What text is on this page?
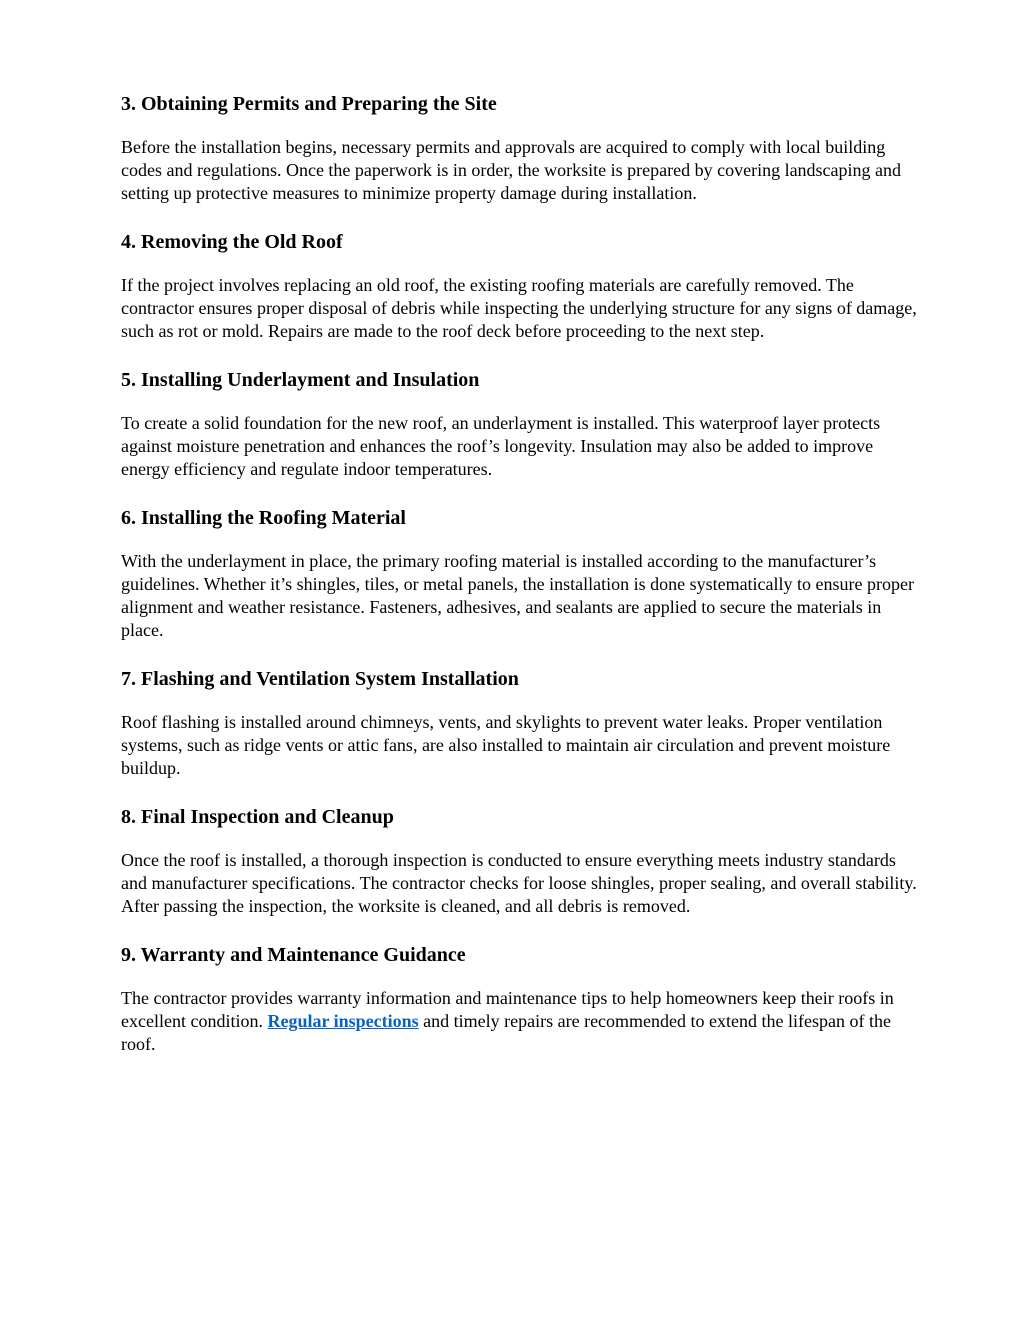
3. Obtaining Permits and Preparing the Site

Before the installation begins, necessary permits and approvals are acquired to comply with local building codes and regulations. Once the paperwork is in order, the worksite is prepared by covering landscaping and setting up protective measures to minimize property damage during installation.

4. Removing the Old Roof

If the project involves replacing an old roof, the existing roofing materials are carefully removed. The contractor ensures proper disposal of debris while inspecting the underlying structure for any signs of damage, such as rot or mold. Repairs are made to the roof deck before proceeding to the next step.

5. Installing Underlayment and Insulation

To create a solid foundation for the new roof, an underlayment is installed. This waterproof layer protects against moisture penetration and enhances the roof’s longevity. Insulation may also be added to improve energy efficiency and regulate indoor temperatures.

6. Installing the Roofing Material

With the underlayment in place, the primary roofing material is installed according to the manufacturer’s guidelines. Whether it’s shingles, tiles, or metal panels, the installation is done systematically to ensure proper alignment and weather resistance. Fasteners, adhesives, and sealants are applied to secure the materials in place.

7. Flashing and Ventilation System Installation

Roof flashing is installed around chimneys, vents, and skylights to prevent water leaks. Proper ventilation systems, such as ridge vents or attic fans, are also installed to maintain air circulation and prevent moisture buildup.

8. Final Inspection and Cleanup

Once the roof is installed, a thorough inspection is conducted to ensure everything meets industry standards and manufacturer specifications. The contractor checks for loose shingles, proper sealing, and overall stability. After passing the inspection, the worksite is cleaned, and all debris is removed.

9. Warranty and Maintenance Guidance

The contractor provides warranty information and maintenance tips to help homeowners keep their roofs in excellent condition. Regular inspections and timely repairs are recommended to extend the lifespan of the roof.
